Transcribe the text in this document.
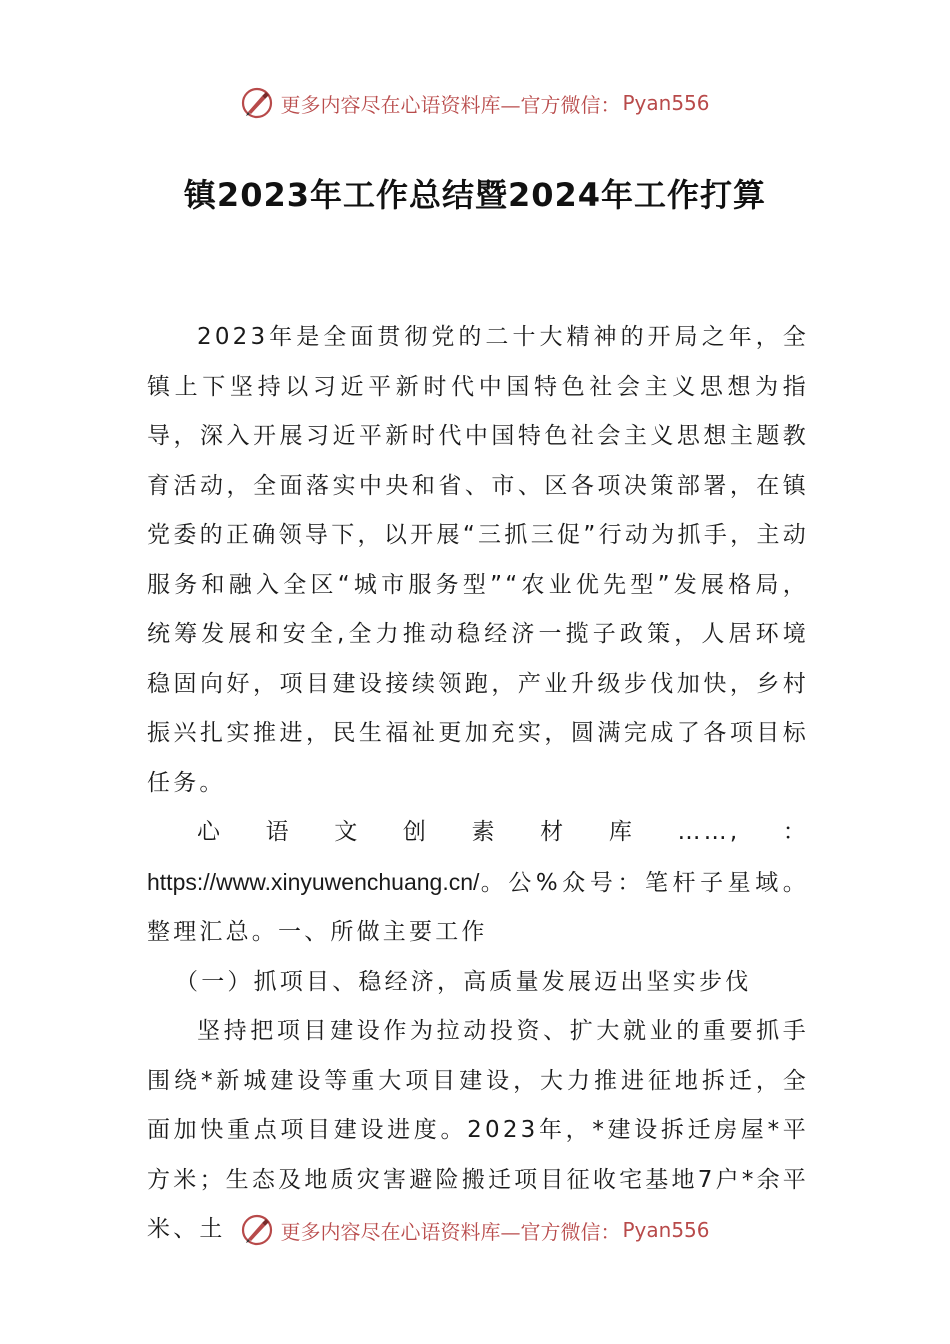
更多内容尽在心语资料库—官方微信： Pyan556
镇2023年工作总结暨2024年工作打算

2023年是全面贯彻党的二十大精神的开局之年，全镇上下坚持以习近平新时代中国特色社会主义思想为指导，深入开展习近平新时代中国特色社会主义思想主题教育活动，全面落实中央和省、市、区各项决策部署，在镇党委的正确领导下，以开展“三抓三促”行动为抓手，主动服务和融入全区“城市服务型”“农业优先型”发展格局，统筹发展和安全,全力推动稳经济一揽子政策，人居环境稳固向好，项目建设接续领跑，产业升级步伐加快，乡村振兴扎实推进，民生福祉更加充实，圆满完成了各项目标任务。

心语文创素材库……,：https://www.xinyuwenchuang.cn/。公%众号：笔杆子星域。整理汇总。一、所做主要工作

（一）抓项目、稳经济，高质量发展迈出坚实步伐

坚持把项目建设作为拉动投资、扩大就业的重要抓手围绕*新城建设等重大项目建设，大力推进征地拆迁，全面加快重点项目建设进度。2023年，*建设拆迁房屋*平方米；生态及地质灾害避险搬迁项目征收宅基地7户*余平米、土	更多内容尽在心语资料库—官方微信： Pyan556
